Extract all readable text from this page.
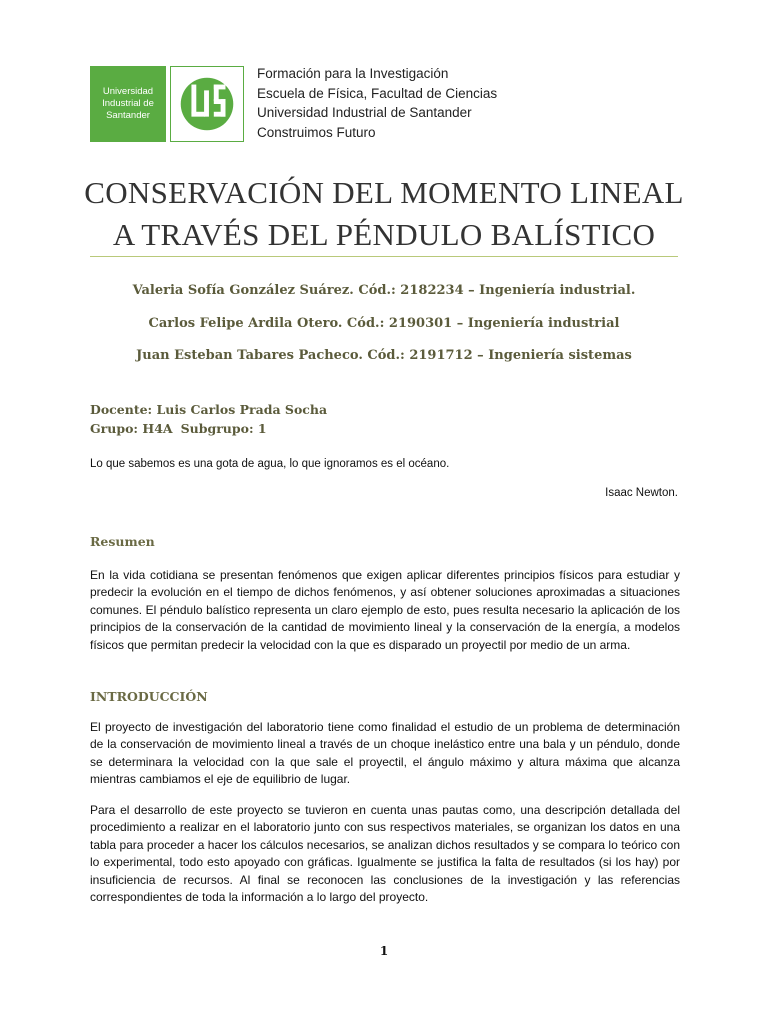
Universidad
Industrial de
Santander
Formación para la Investigación
Escuela de Física, Facultad de Ciencias
Universidad Industrial de Santander
Construimos Futuro
CONSERVACIÓN DEL MOMENTO LINEAL
A TRAVÉS DEL PÉNDULO BALÍSTICO
Valeria Sofía González Suárez. Cód.: 2182234 – Ingeniería industrial.
Carlos Felipe Ardila Otero. Cód.: 2190301 – Ingeniería industrial
Juan Esteban Tabares Pacheco. Cód.: 2191712 – Ingeniería sistemas
Docente: Luis Carlos Prada Socha
Grupo: H4A Subgrupo: 1
Lo que sabemos es una gota de agua, lo que ignoramos es el océano.
Isaac Newton.
Resumen
En la vida cotidiana se presentan fenómenos que exigen aplicar diferentes principios físicos para estudiar y predecir la evolución en el tiempo de dichos fenómenos, y así obtener soluciones aproximadas a situaciones comunes. El péndulo balístico representa un claro ejemplo de esto, pues resulta necesario la aplicación de los principios de la conservación de la cantidad de movimiento lineal y la conservación de la energía, a modelos físicos que permitan predecir la velocidad con la que es disparado un proyectil por medio de un arma.
INTRODUCCIÓN
El proyecto de investigación del laboratorio tiene como finalidad el estudio de un problema de determinación de la conservación de movimiento lineal a través de un choque inelástico entre una bala y un péndulo, donde se determinara la velocidad con la que sale el proyectil, el ángulo máximo y altura máxima que alcanza mientras cambiamos el eje de equilibrio de lugar.
Para el desarrollo de este proyecto se tuvieron en cuenta unas pautas como, una descripción detallada del procedimiento a realizar en el laboratorio junto con sus respectivos materiales, se organizan los datos en una tabla para proceder a hacer los cálculos necesarios, se analizan dichos resultados y se compara lo teórico con lo experimental, todo esto apoyado con gráficas. Igualmente se justifica la falta de resultados (si los hay) por insuficiencia de recursos. Al final se reconocen las conclusiones de la investigación y las referencias correspondientes de toda la información a lo largo del proyecto.
1
